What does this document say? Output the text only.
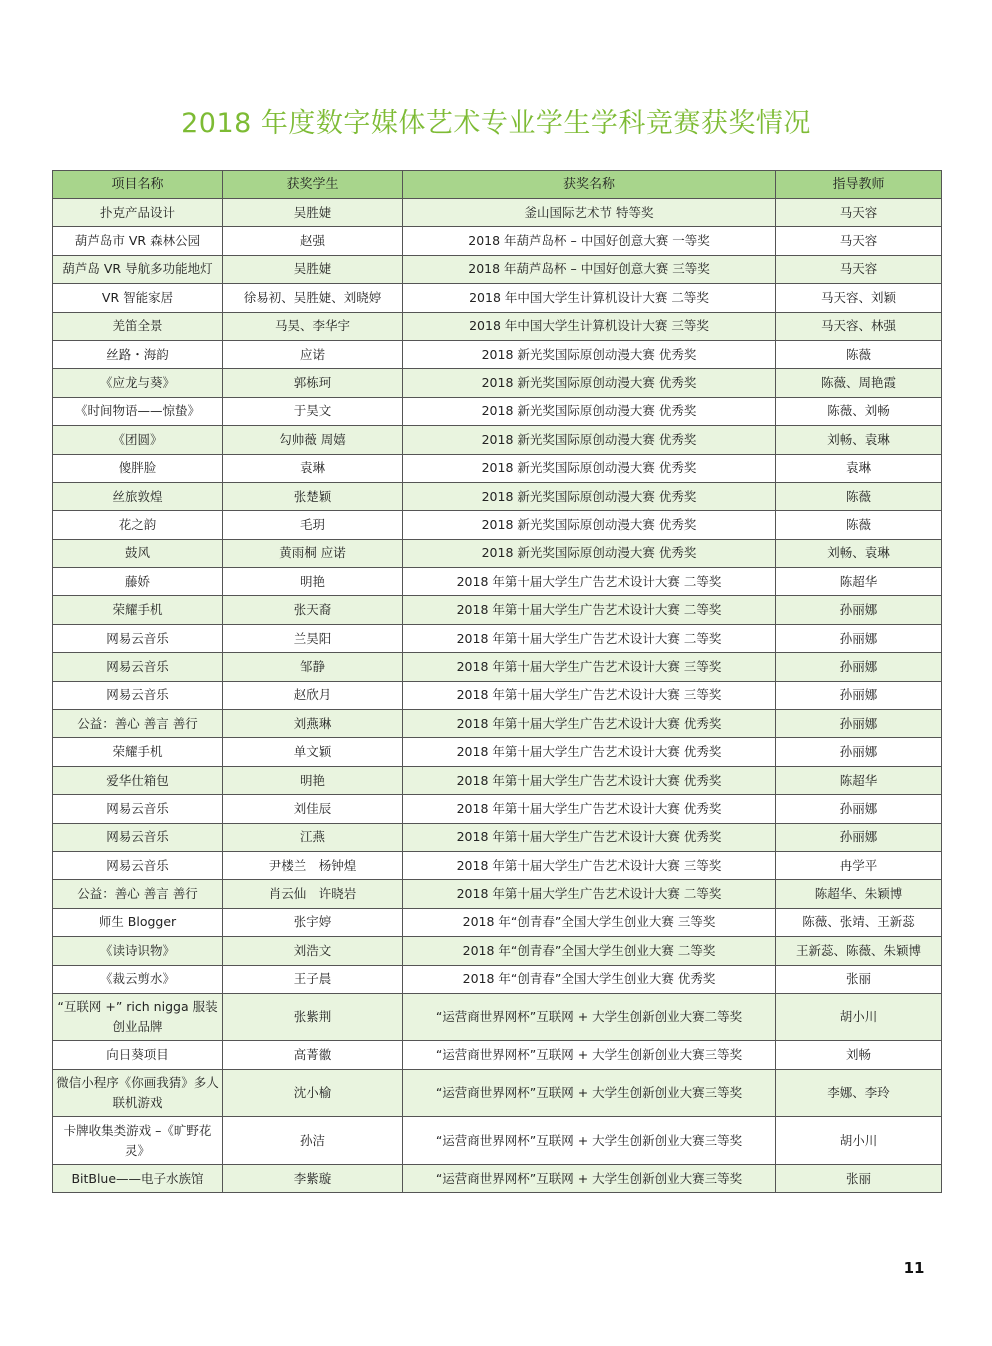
2018 年度数字媒体艺术专业学生学科竞赛获奖情况
项目名称	获奖学生	获奖名称	指导教师
扑克产品设计	吴胜婕	釜山国际艺术节 特等奖	马天容
葫芦岛市 VR 森林公园	赵强	2018 年葫芦岛杯 – 中国好创意大赛 一等奖	马天容
葫芦岛 VR 导航多功能地灯	吴胜婕	2018 年葫芦岛杯 – 中国好创意大赛 三等奖	马天容
VR 智能家居	徐易初、吴胜婕、刘晓婷	2018 年中国大学生计算机设计大赛 二等奖	马天容、刘颖
羌笛全景	马昊、李华宇	2018 年中国大学生计算机设计大赛 三等奖	马天容、林强
丝路・海韵	应诺	2018 新光奖国际原创动漫大赛 优秀奖	陈薇
《应龙与葵》	郭栋珂	2018 新光奖国际原创动漫大赛 优秀奖	陈薇、周艳霞
《时间物语——惊蛰》	于昊文	2018 新光奖国际原创动漫大赛 优秀奖	陈薇、刘畅
《团圆》	勾帅薇 周嬉	2018 新光奖国际原创动漫大赛 优秀奖	刘畅、袁琳
傻胖脸	袁琳	2018 新光奖国际原创动漫大赛 优秀奖	袁琳
丝旅敦煌	张楚颖	2018 新光奖国际原创动漫大赛 优秀奖	陈薇
花之韵	毛玥	2018 新光奖国际原创动漫大赛 优秀奖	陈薇
鼓风	黄雨桐 应诺	2018 新光奖国际原创动漫大赛 优秀奖	刘畅、袁琳
藤娇	明艳	2018 年第十届大学生广告艺术设计大赛 二等奖	陈超华
荣耀手机	张天裔	2018 年第十届大学生广告艺术设计大赛 二等奖	孙丽娜
网易云音乐	兰昊阳	2018 年第十届大学生广告艺术设计大赛 二等奖	孙丽娜
网易云音乐	邹静	2018 年第十届大学生广告艺术设计大赛 三等奖	孙丽娜
网易云音乐	赵欣月	2018 年第十届大学生广告艺术设计大赛 三等奖	孙丽娜
公益：善心 善言 善行	刘燕琳	2018 年第十届大学生广告艺术设计大赛 优秀奖	孙丽娜
荣耀手机	单文颖	2018 年第十届大学生广告艺术设计大赛 优秀奖	孙丽娜
爱华仕箱包	明艳	2018 年第十届大学生广告艺术设计大赛 优秀奖	陈超华
网易云音乐	刘佳辰	2018 年第十届大学生广告艺术设计大赛 优秀奖	孙丽娜
网易云音乐	江燕	2018 年第十届大学生广告艺术设计大赛 优秀奖	孙丽娜
网易云音乐	尹楼兰　杨钟煌	2018 年第十届大学生广告艺术设计大赛 三等奖	冉学平
公益：善心 善言 善行	肖云仙　许晓岩	2018 年第十届大学生广告艺术设计大赛 二等奖	陈超华、朱颖博
师生 Blogger	张宇婷	2018 年“创青春”全国大学生创业大赛 三等奖	陈薇、张靖、王新蕊
《读诗识物》	刘浩文	2018 年“创青春”全国大学生创业大赛 二等奖	王新蕊、陈薇、朱颖博
《裁云剪水》	王子晨	2018 年“创青春”全国大学生创业大赛 优秀奖	张丽
“互联网 +” rich nigga 服装创业品牌	张紫荆	“运营商世界网杯”互联网 + 大学生创新创业大赛二等奖	胡小川
向日葵项目	高菁徽	“运营商世界网杯”互联网 + 大学生创新创业大赛三等奖	刘畅
微信小程序《你画我猜》多人联机游戏	沈小榆	“运营商世界网杯”互联网 + 大学生创新创业大赛三等奖	李娜、李玲
卡牌收集类游戏 –《旷野花灵》	孙洁	“运营商世界网杯”互联网 + 大学生创新创业大赛三等奖	胡小川
BitBlue——电子水族馆	李紫璇	“运营商世界网杯”互联网 + 大学生创新创业大赛三等奖	张丽
11
